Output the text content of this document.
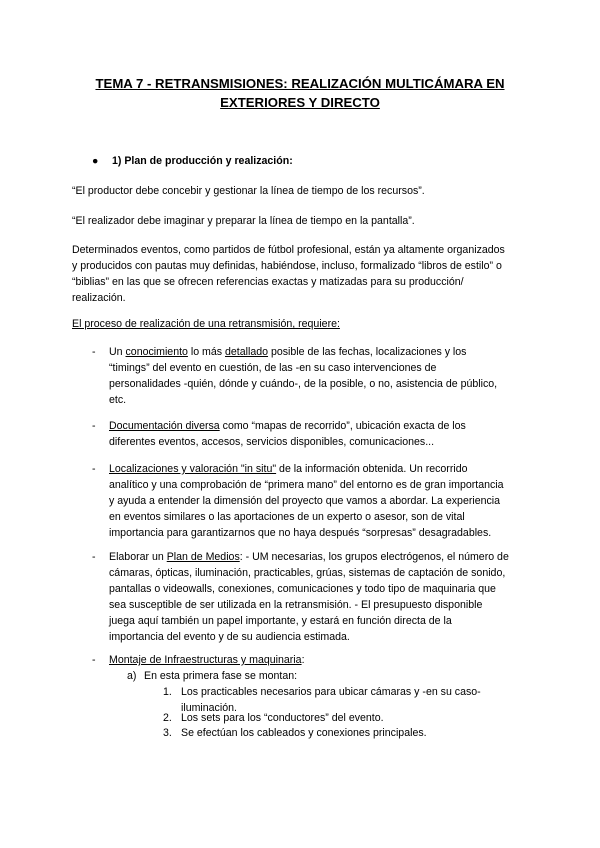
TEMA 7 - RETRANSMISIONES: REALIZACIÓN MULTICÁMARA EN
EXTERIORES Y DIRECTO
● 1) Plan de producción y realización:
“El productor debe concebir y gestionar la línea de tiempo de los recursos”.
“El realizador debe imaginar y preparar la línea de tiempo en la pantalla”.
Determinados eventos, como partidos de fútbol profesional, están ya altamente organizados
y producidos con pautas muy definidas, habiéndose, incluso, formalizado “libros de estilo” o
“biblias” en las que se ofrecen referencias exactas y matizadas para su producción/
realización.
El proceso de realización de una retransmisión, requiere:
- Un conocimiento lo más detallado posible de las fechas, localizaciones y los
“timings” del evento en cuestión, de las -en su caso intervenciones de
personalidades -quién, dónde y cuándo-, de la posible, o no, asistencia de público,
etc.
- Documentación diversa como “mapas de recorrido”, ubicación exacta de los
diferentes eventos, accesos, servicios disponibles, comunicaciones...
- Localizaciones y valoración "in situ" de la información obtenida. Un recorrido
analítico y una comprobación de “primera mano” del entorno es de gran importancia
y ayuda a entender la dimensión del proyecto que vamos a abordar. La experiencia
en eventos similares o las aportaciones de un experto o asesor, son de vital
importancia para garantizarnos que no haya después “sorpresas” desagradables.
- Elaborar un Plan de Medios: - UM necesarias, los grupos electrógenos, el número de
cámaras, ópticas, iluminación, practicables, grúas, sistemas de captación de sonido,
pantallas o videowalls, conexiones, comunicaciones y todo tipo de maquinaria que
sea susceptible de ser utilizada en la retransmisión. - El presupuesto disponible
juega aquí también un papel importante, y estará en función directa de la
importancia del evento y de su audiencia estimada.
- Montaje de Infraestructuras y maquinaria:
a) En esta primera fase se montan:
1. Los practicables necesarios para ubicar cámaras y -en su caso-
iluminación.
2. Los sets para los “conductores” del evento.
3. Se efectúan los cableados y conexiones principales.
